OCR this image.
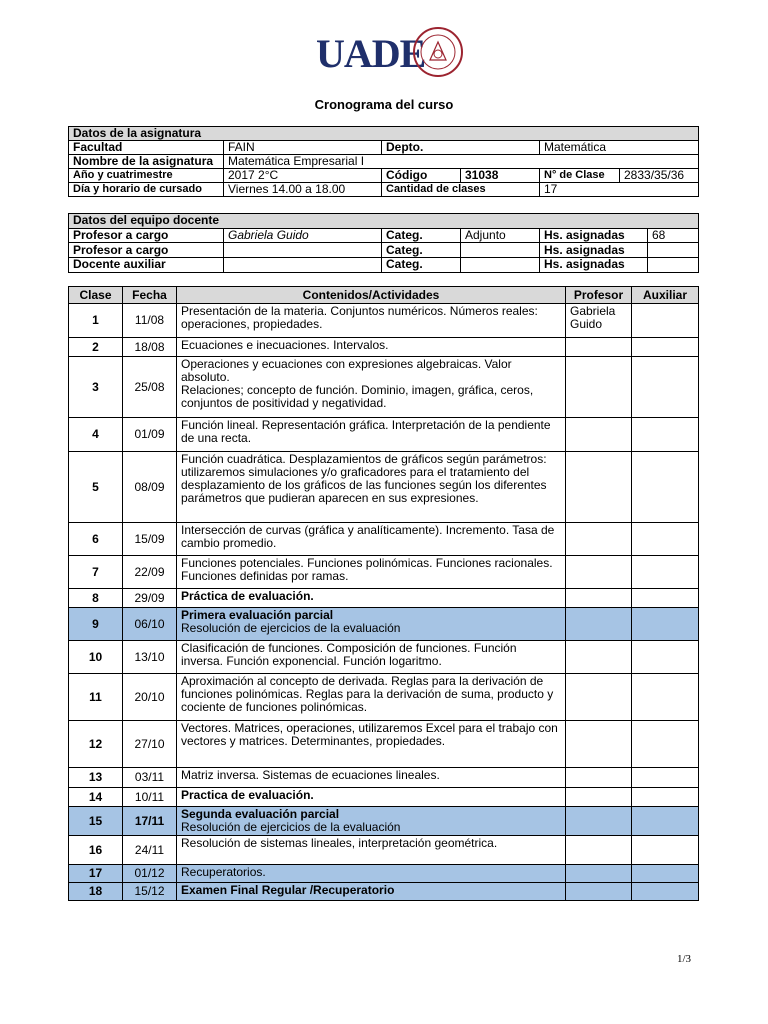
UADE
Cronograma del curso
Datos de la asignatura					
Facultad	FAIN	Depto.		Matemática	
Nombre de la asignatura	Matemática Empresarial I				
Año y cuatrimestre	2017 2°C	Código	31038	N° de Clase	2833/35/36
Día y horario de cursado	Viernes 14.00 a 18.00	Cantidad de clases		17	
Datos del equipo docente					
Profesor a cargo	Gabriela Guido	Categ.	Adjunto	Hs. asignadas	68
Profesor a cargo		Categ.		Hs. asignadas	
Docente auxiliar		Categ.		Hs. asignadas	
Clase	Fecha	Contenidos/Actividades	Profesor	Auxiliar
1	11/08	Presentación de la materia. Conjuntos numéricos. Números reales: operaciones, propiedades.	Gabriela Guido	
2	18/08	Ecuaciones e inecuaciones. Intervalos.		

3	25/08	Operaciones y ecuaciones con expresiones algebraicas. Valor absoluto.
Relaciones; concepto de función. Dominio, imagen, gráfica, ceros, conjuntos de positividad y negatividad.		

4	01/09	Función lineal. Representación gráfica. Interpretación de la pendiente de una recta.		

5	08/09	Función cuadrática. Desplazamientos de gráficos según parámetros: utilizaremos simulaciones y/o graficadores para el tratamiento del desplazamiento de los gráficos de las funciones según los diferentes parámetros que pudieran aparecen en sus expresiones.		

6	15/09	Intersección de curvas (gráfica y analíticamente). Incremento. Tasa de cambio promedio.		

7	22/09	Funciones potenciales. Funciones polinómicas. Funciones racionales. Funciones definidas por ramas.		

8	29/09	Práctica de evaluación.		

9	06/10	Primera evaluación parcial
Resolución de ejercicios de la evaluación		

10	13/10	Clasificación de funciones. Composición de funciones. Función inversa. Función exponencial. Función logaritmo.		

11	20/10	Aproximación al concepto de derivada. Reglas para la derivación de funciones polinómicas. Reglas para la derivación de suma, producto y cociente de funciones polinómicas.		

12	27/10	Vectores. Matrices, operaciones, utilizaremos Excel para el trabajo con vectores y matrices. Determinantes, propiedades.		

13	03/11	Matriz inversa. Sistemas de ecuaciones lineales.		

14	10/11	Practica de evaluación.		

15	17/11	Segunda evaluación parcial
Resolución de ejercicios de la evaluación		

16	24/11	Resolución de sistemas lineales, interpretación geométrica.		

17	01/12	Recuperatorios.		

18	15/12	Examen Final Regular /Recuperatorio		

1/3
